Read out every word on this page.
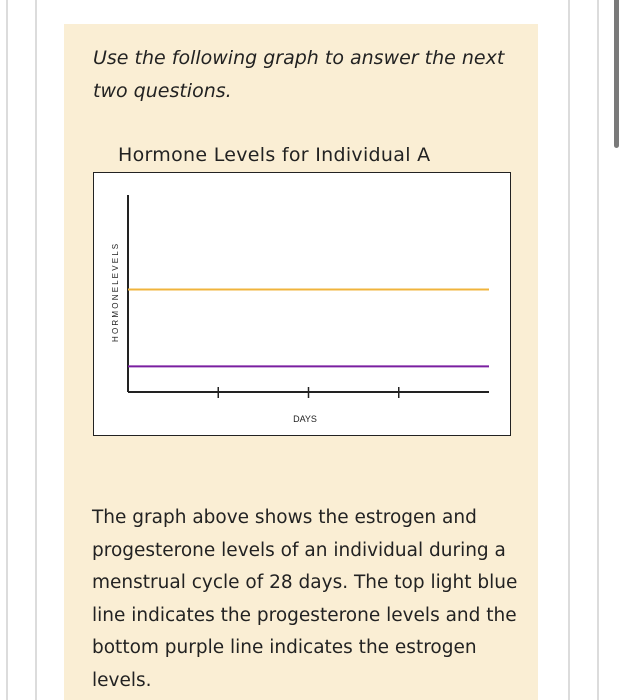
Use the following graph to answer the next two questions.
Hormone Levels for Individual A
DAYS
H O R M O N E L E V E L S
The graph above shows the estrogen and progesterone levels of an individual during a menstrual cycle of 28 days. The top light blue line indicates the progesterone levels and the bottom purple line indicates the estrogen levels.
